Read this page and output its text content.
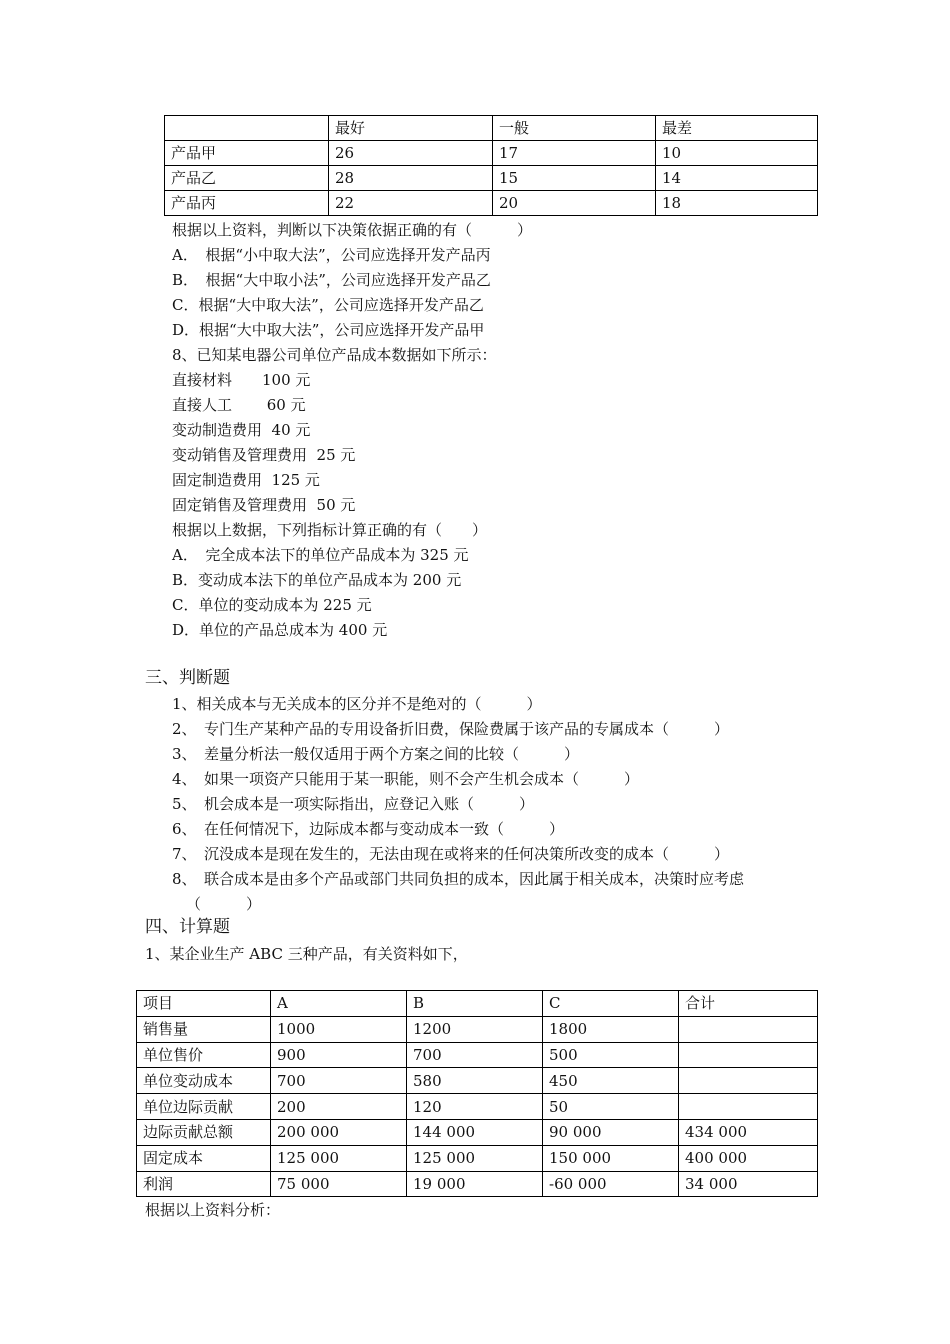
	最好	一般	最差
产品甲	26	17	10
产品乙	28	15	14
产品丙	22	20	18
根据以上资料，判断以下决策依据正确的有（　　　）
A．　根据“小中取大法”，公司应选择开发产品丙
B．　根据“大中取小法”，公司应选择开发产品乙
C．根据“大中取大法”，公司应选择开发产品乙
D．根据“大中取大法”，公司应选择开发产品甲
8、已知某电器公司单位产品成本数据如下所示：
直接材料　　100 元
直接人工　　 60 元
变动制造费用  40 元
变动销售及管理费用  25 元
固定制造费用  125 元
固定销售及管理费用  50 元
根据以上数据，下列指标计算正确的有（　　）
A．　完全成本法下的单位产品成本为 325 元
B．变动成本法下的单位产品成本为 200 元
C．单位的变动成本为 225 元
D．单位的产品总成本为 400 元
三、判断题
1、相关成本与无关成本的区分并不是绝对的（　　　）
2、　专门生产某种产品的专用设备折旧费，保险费属于该产品的专属成本（　　　）
3、　差量分析法一般仅适用于两个方案之间的比较（　　　）
4、　如果一项资产只能用于某一职能，则不会产生机会成本（　　　）
5、　机会成本是一项实际指出，应登记入账（　　　）
6、　在任何情况下，边际成本都与变动成本一致（　　　）
7、　沉没成本是现在发生的，无法由现在或将来的任何决策所改变的成本（　　　）
8、　联合成本是由多个产品或部门共同负担的成本，因此属于相关成本，决策时应考虑
（　　　）
四、计算题
1、某企业生产 ABC 三种产品，有关资料如下，
项目	A	B	C	合计
销售量	1000	1200	1800	
单位售价	900	700	500	
单位变动成本	700	580	450	
单位边际贡献	200	120	50	
边际贡献总额	200 000	144 000	90 000	434 000
固定成本	125 000	125 000	150 000	400 000
利润	75 000	19 000	-60 000	34 000
根据以上资料分析：
